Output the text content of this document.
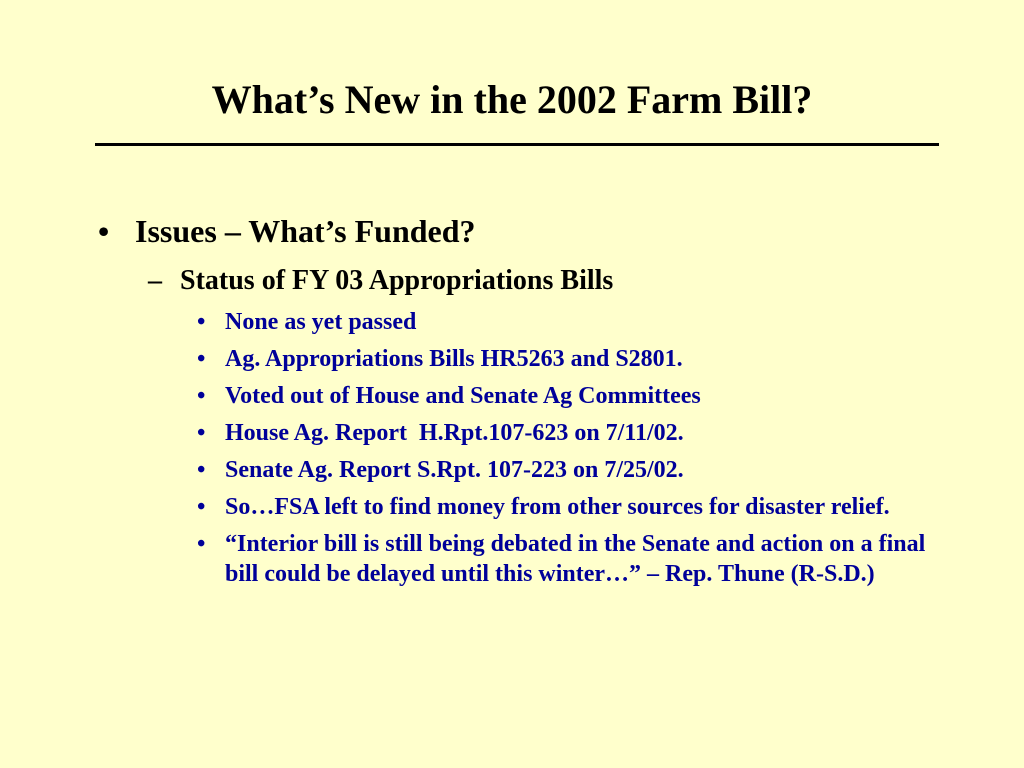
What’s New in the 2002 Farm Bill?
• Issues – What’s Funded?
– Status of FY 03 Appropriations Bills
• None as yet passed
• Ag. Appropriations Bills HR5263 and S2801.
• Voted out of House and Senate Ag Committees
• House Ag. Report  H.Rpt.107-623 on 7/11/02.
• Senate Ag. Report S.Rpt. 107-223 on 7/25/02.
• So…FSA left to find money from other sources for disaster relief.
• “Interior bill is still being debated in the Senate and action on a final bill could be delayed until this winter…” – Rep. Thune (R-S.D.)
